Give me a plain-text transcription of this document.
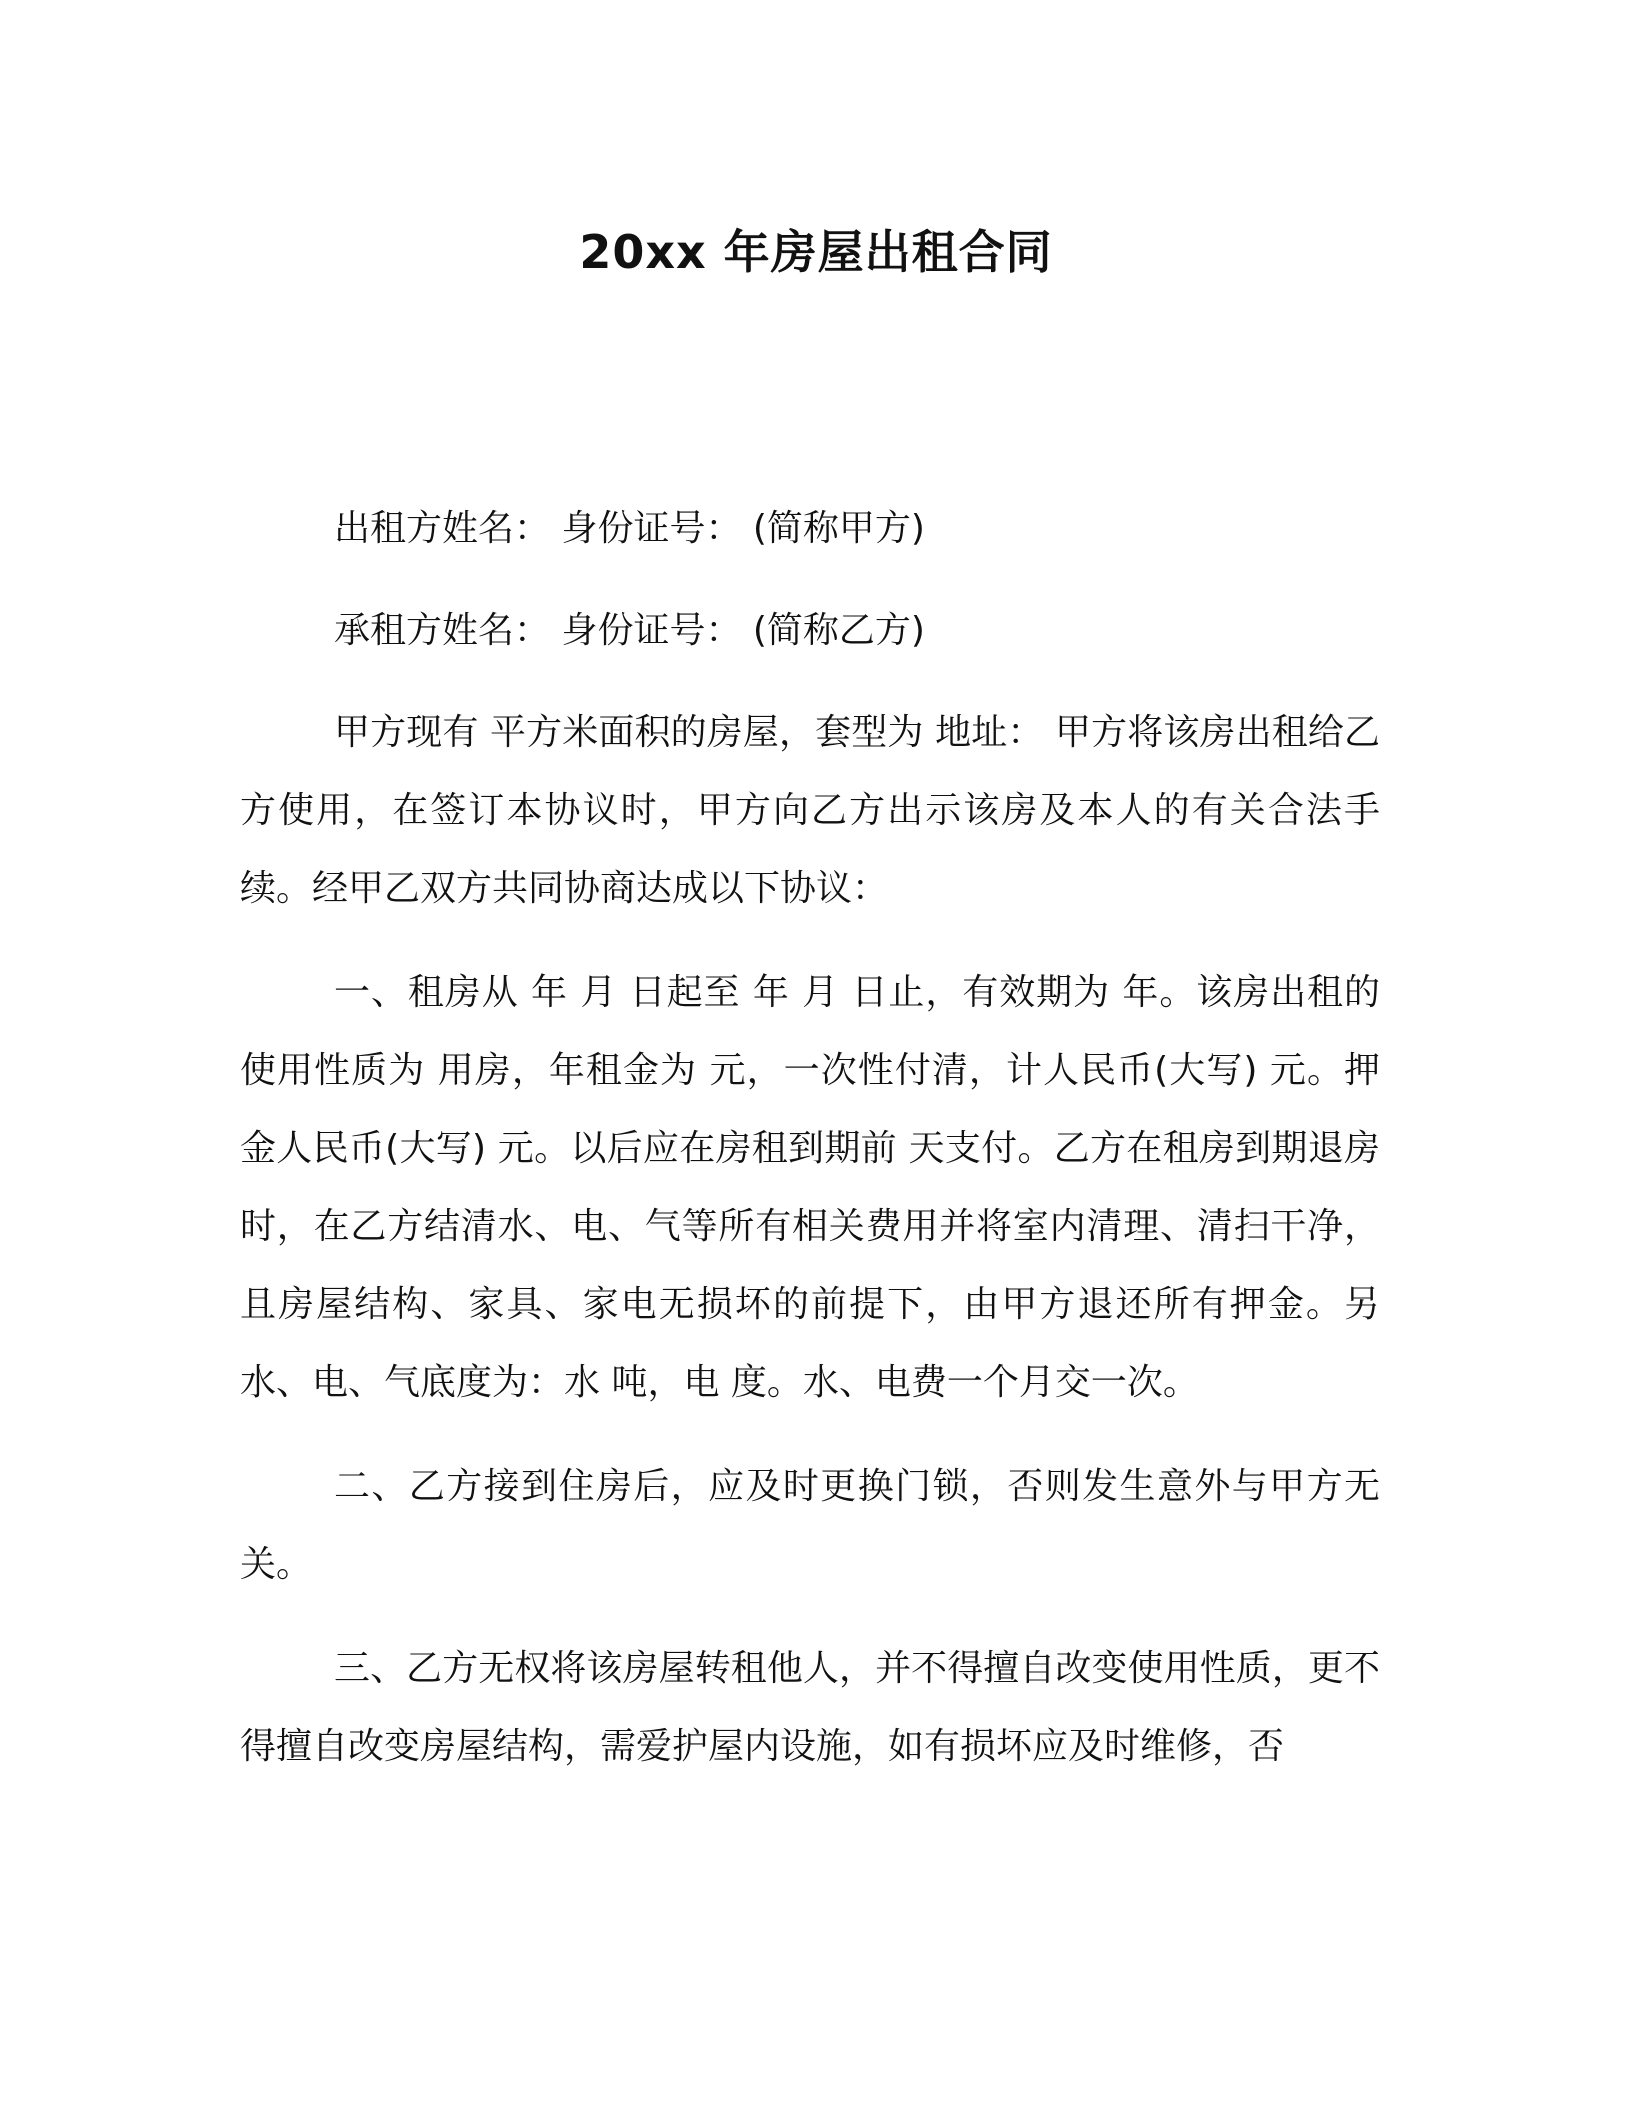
20xx 年房屋出租合同

出租方姓名： 身份证号： (简称甲方)

承租方姓名： 身份证号： (简称乙方)

甲方现有 平方米面积的房屋，套型为 地址： 甲方将该房出租给乙方使用，在签订本协议时，甲方向乙方出示该房及本人的有关合法手续。经甲乙双方共同协商达成以下协议：

一、租房从 年 月 日起至 年 月 日止，有效期为 年。该房出租的使用性质为 用房，年租金为 元，一次性付清，计人民币(大写) 元。押金人民币(大写) 元。以后应在房租到期前 天支付。乙方在租房到期退房时，在乙方结清水、电、气等所有相关费用并将室内清理、清扫干净，且房屋结构、家具、家电无损坏的前提下，由甲方退还所有押金。另水、电、气底度为：水 吨，电 度。水、电费一个月交一次。

二、乙方接到住房后，应及时更换门锁，否则发生意外与甲方无关。

三、乙方无权将该房屋转租他人，并不得擅自改变使用性质，更不得擅自改变房屋结构，需爱护屋内设施，如有损坏应及时维修，否
